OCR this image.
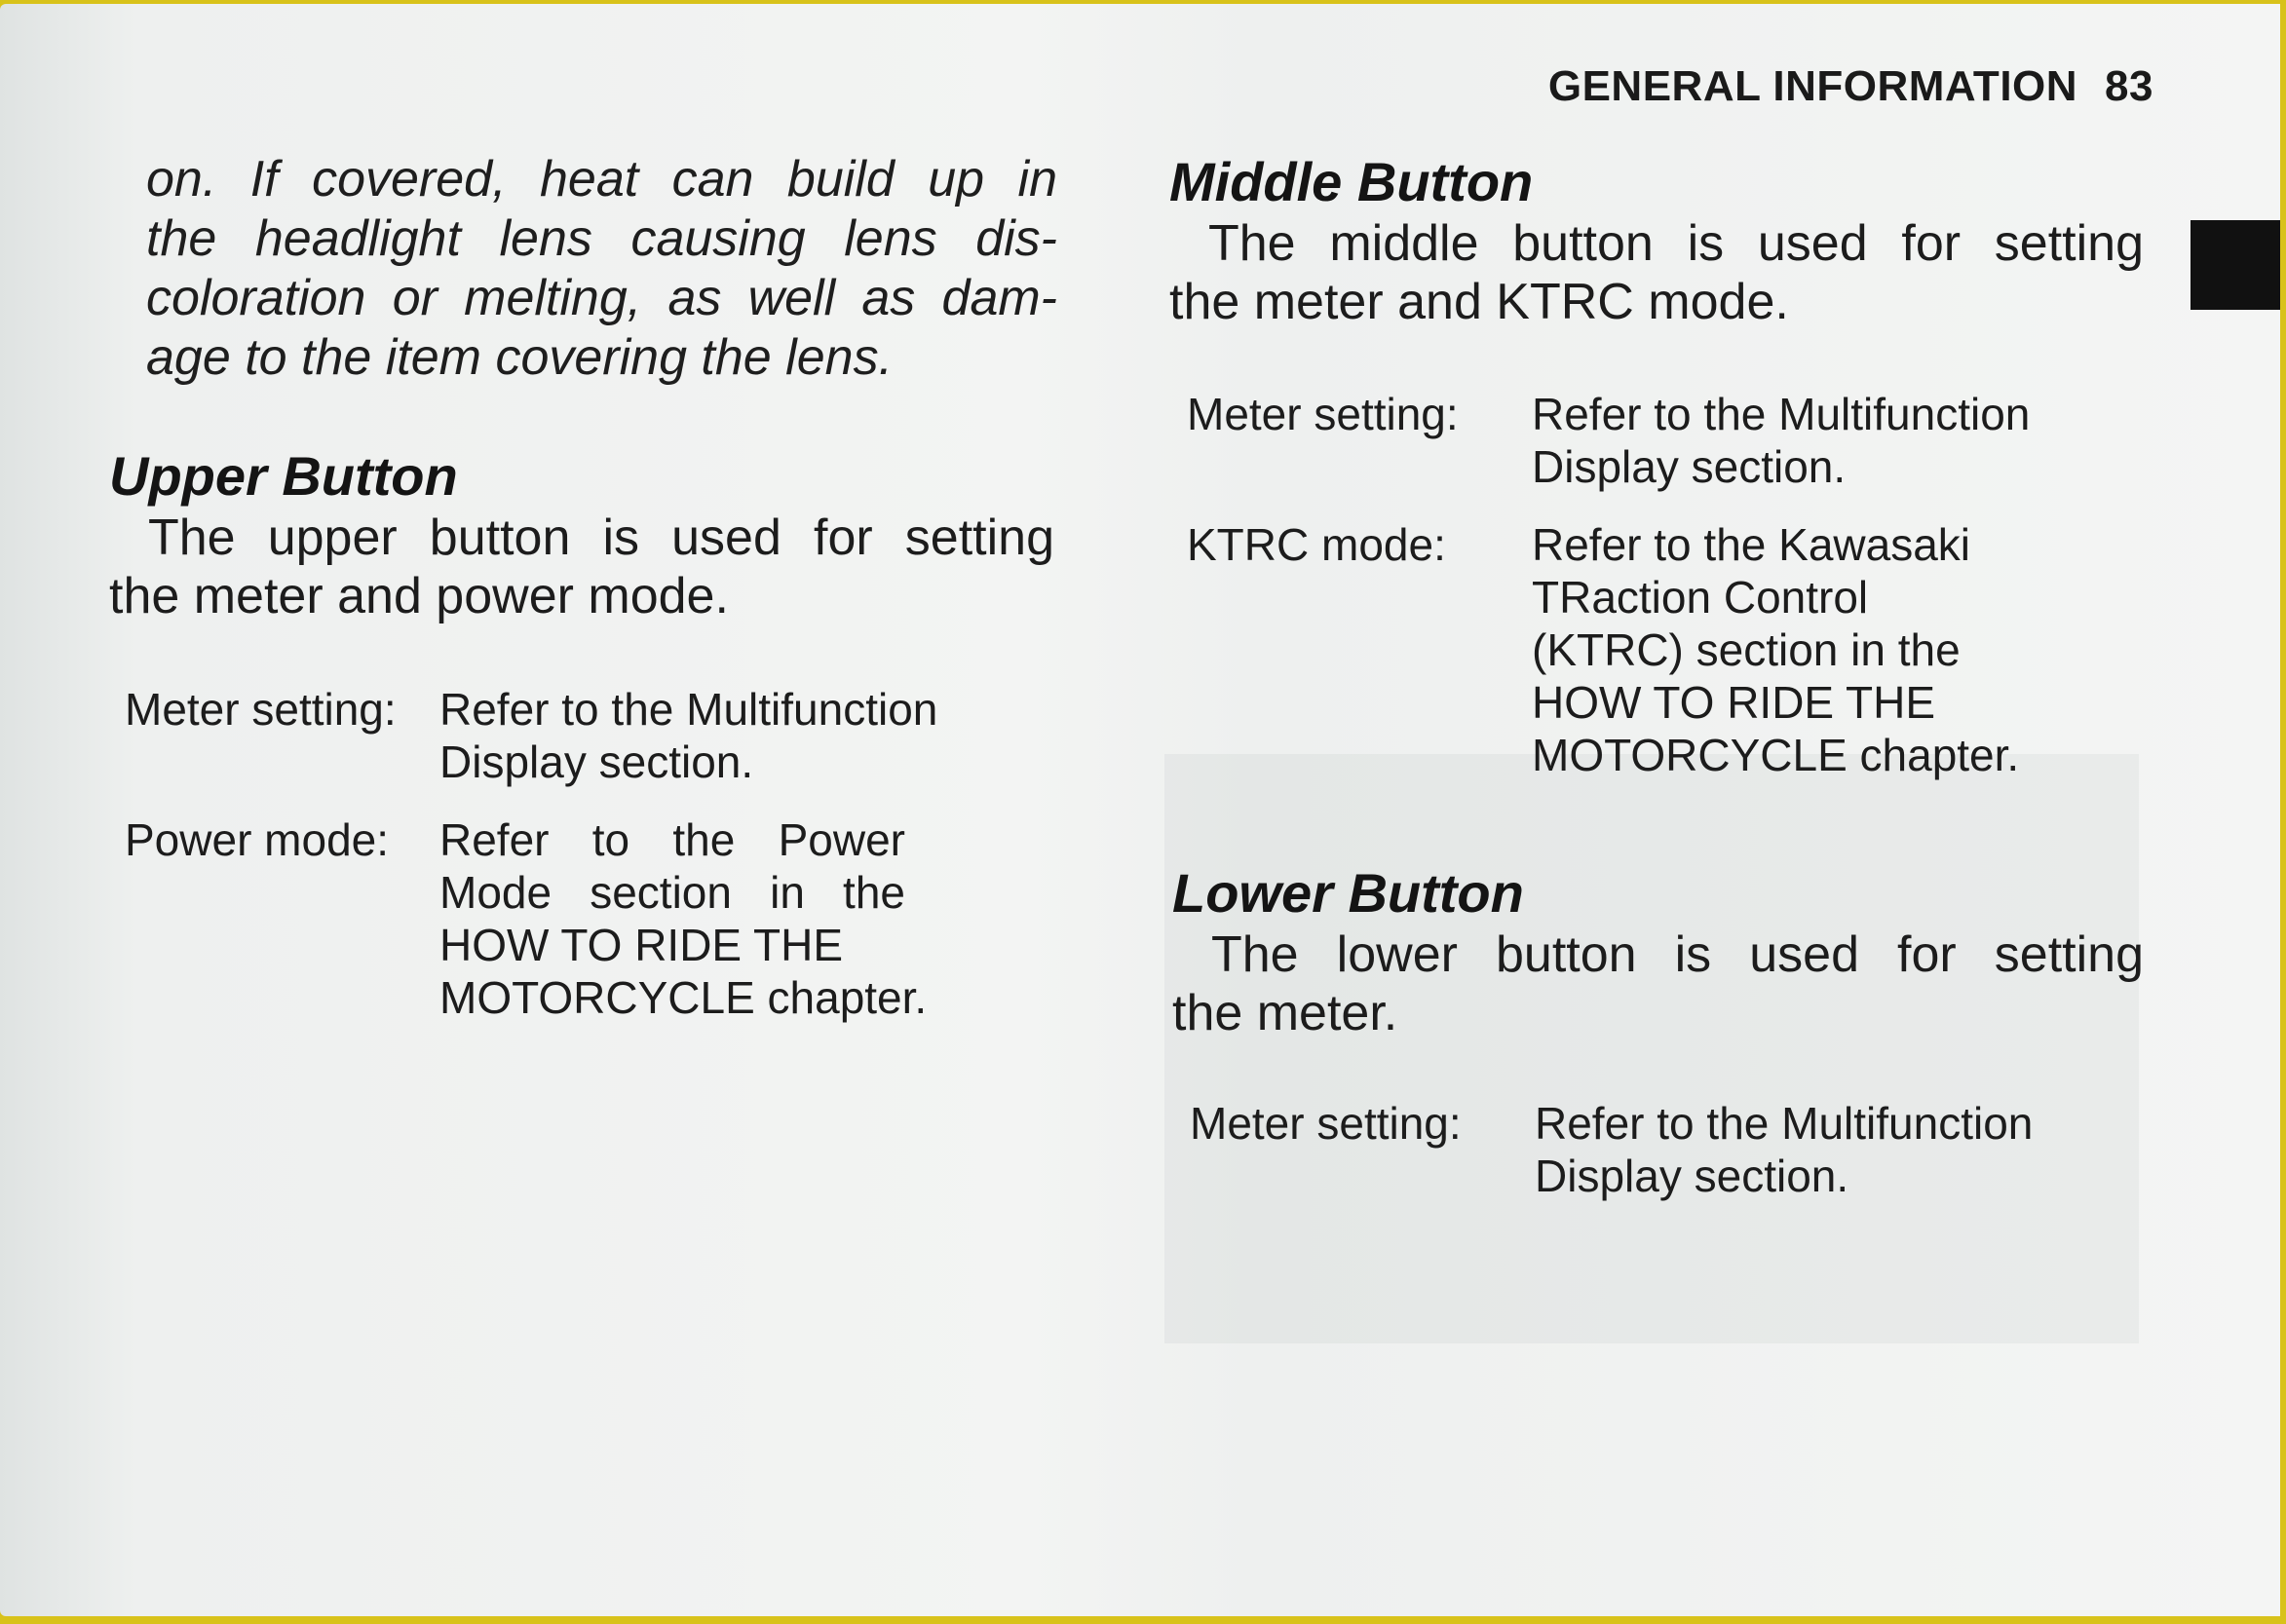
GENERAL INFORMATION 83
on. If covered, heat can build up in
the headlight lens causing lens dis-
coloration or melting, as well as dam-
age to the item covering the lens.
Upper Button
The upper button is used for setting
the meter and power mode.
Meter setting: Refer to the Multifunction
Display section.
Power mode: Refer to the Power
Mode section in the
HOW TO RIDE THE
MOTORCYCLE chapter.
Middle Button
The middle button is used for setting
the meter and KTRC mode.
Meter setting: Refer to the Multifunction
Display section.
KTRC mode: Refer to the Kawasaki
TRaction Control
(KTRC) section in the
HOW TO RIDE THE
MOTORCYCLE chapter.
Lower Button
The lower button is used for setting
the meter.
Meter setting: Refer to the Multifunction
Display section.
